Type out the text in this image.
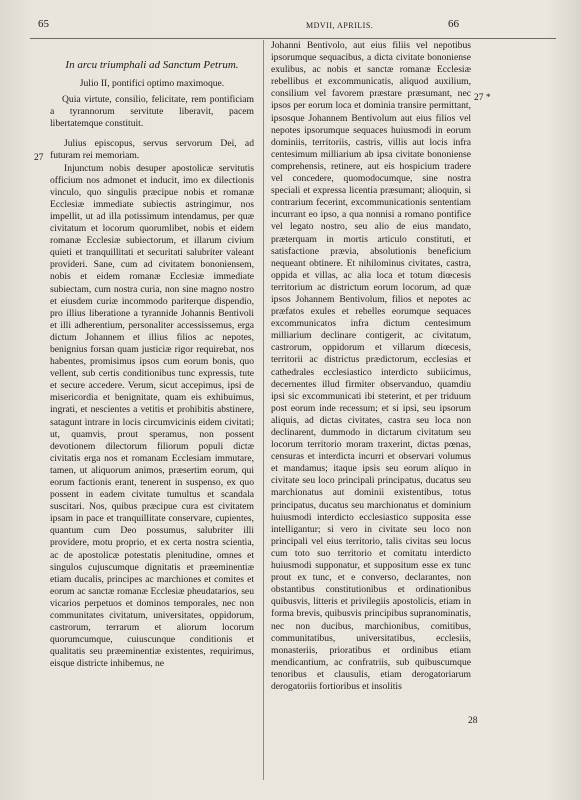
65	MDVII, APRILIS.	66

In arcu triumphali ad Sanctum Petrum.

Julio II, pontifici optimo maximoque.

Quia virtute, consilio, felicitate, rem pontificiam a tyrannorum servitute liberavit, pacem libertatemque constituit.

Julius episcopus, servus servorum Dei, ad futuram rei memoriam.

Injunctum nobis desuper apostolicæ servitutis officium nos admonet et inducit, imo ex dilectionis vinculo, quo singulis præcipue nobis et romanæ Ecclesiæ immediate subiectis astringimur, nos impellit, ut ad illa potissimum intendamus, per quæ civitatum et locorum quorumlibet, nobis et eidem romanæ Ecclesiæ subiectorum, et illarum civium quieti et tranquillitati et securitati salubriter valeant provideri. Sane, cum ad civitatem bononiensem, nobis et eidem romanæ Ecclesiæ immediate subiectam, cum nostra curia, non sine magno nostro et eiusdem curiæ incommodo pariterque dispendio, pro illius liberatione a tyrannide Johannis Bentivoli et illi adherentium, personaliter accessissemus, erga dictum Johannem et illius filios ac nepotes, benignius forsan quam justiciæ rigor requirebat, nos habentes, promisimus ipsos cum eorum bonis, quo vellent, sub certis conditionibus tunc expressis, tute et secure accedere. Verum, sicut accepimus, ipsi de misericordia et benignitate, quam eis exhibuimus, ingrati, et nescientes a vetitis et prohibitis abstinere, satagunt intrare in locis circumvicinis eidem civitati; ut, quamvis, prout speramus, non possent devotionem dilectorum filiorum populi dictæ civitatis erga nos et romanam Ecclesiam immutare, tamen, ut aliquorum animos, præsertim eorum, qui eorum factionis erant, tenerent in suspenso, ex quo possent in eadem civitate tumultus et scandala suscitari. Nos, quibus præcipue cura est civitatem ipsam in pace et tranquillitate conservare, cupientes, quantum cum Deo possumus, salubriter illi providere, motu proprio, et ex certa nostra scientia, ac de apostolicæ potestatis plenitudine, omnes et singulos cujuscumque dignitatis et præeminentiæ etiam ducalis, principes ac marchiones et comites et eorum ac sanctæ romanæ Ecclesiæ pheudatarios, seu vicarios perpetuos et dominos temporales, nec non communitates civitatum, universitates, oppidorum, castrorum, terrarum et aliorum locorum quorumcumque, cuiuscunque conditionis et qualitatis seu præeminentiæ existentes, requirimus, eisque districte inhibemus, ne

27

Johanni Bentivolo, aut eius filiis vel nepotibus ipsorumque sequacibus, a dicta civitate bononiense exulibus, ac nobis et sanctæ romanæ Ecclesiæ rebellibus et excommunicatis, aliquod auxilium, consilium vel favorem præstare præsumant, nec ipsos per eorum loca et dominia transire permittant, ipsosque Johannem Bentivolum aut eius filios vel nepotes ipsorumque sequaces huiusmodi in eorum dominiis, territoriis, castris, villis aut locis infra centesimum milliarium ab ipsa civitate bononiense comprehensis, retinere, aut eis hospicium tradere vel concedere, quomodocumque, sine nostra speciali et expressa licentia præsumant; alioquin, si contrarium fecerint, excommunicationis sententiam incurrant eo ipso, a qua nonnisi a romano pontifice vel legato nostro, seu alio de eius mandato, præterquam in mortis articulo constituti, et satisfactione prævia, absolutionis beneficium nequeant obtinere. Et nihilominus civitates, castra, oppida et villas, ac alia loca et totum diœcesis territorium ac districtum eorum locorum, ad quæ ipsos Johannem Bentivolum, filios et nepotes ac præfatos exules et rebelles eorumque sequaces excommunicatos infra dictum centesimum milliarium declinare contigerit, ac civitatum, castrorum, oppidorum et villarum diœcesis, territorii ac districtus prædictorum, ecclesias et cathedrales ecclesiastico interdicto subiicimus, decernentes illud firmiter observanduo, quamdiu ipsi sic excommunicati ibi steterint, et per triduum post eorum inde recessum; et si ipsi, seu ipsorum aliquis, ad dictas civitates, castra seu loca non declinarent, dummodo in dictarum civitatum seu locorum territorio moram traxerint, dictas pœnas, censuras et interdicta incurri et observari volumus et mandamus; itaque ipsis seu eorum aliquo in civitate seu loco principali principatus, ducatus seu marchionatus aut dominii existentibus, totus principatus, ducatus seu marchionatus et dominium huiusmodi interdicto ecclesiastico supposita esse intelligantur; si vero in civitate seu loco non principali vel eius territorio, talis civitas seu locus cum toto suo territorio et comitatu interdicto huiusmodi supponatur, et suppositum esse ex tunc prout ex tunc, et e converso, declarantes, non obstantibus constitutionibus et ordinationibus quibusvis, litteris et privilegiis apostolicis, etiam in forma brevis, quibusvis principibus supranominatis, nec non ducibus, marchionibus, comitibus, communitatibus, universitatibus, ecclesiis, monasteriis, prioratibus et ordinibus etiam mendicantium, ac confratriis, sub quibuscumque tenoribus et clausulis, etiam derogatoriarum derogatoriis fortioribus et insolitis

27 *
28
